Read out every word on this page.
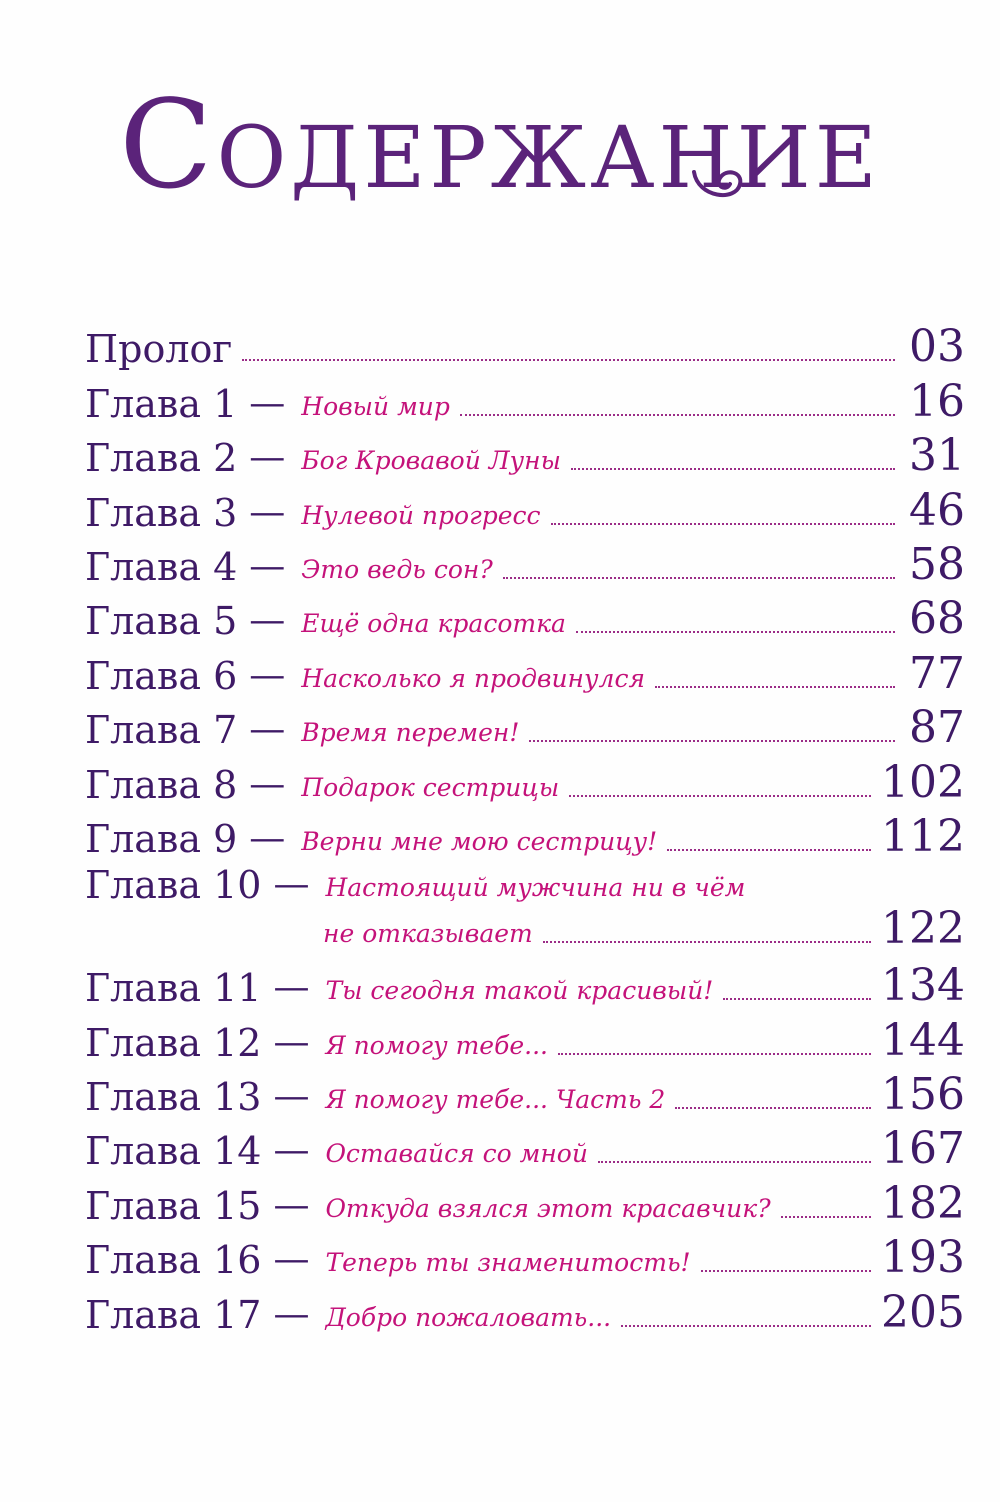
Содержание
Пролог	03
Глава 1 — Новый мир	16
Глава 2 — Бог Кровавой Луны	31
Глава 3 — Нулевой прогресс	46
Глава 4 — Это ведь сон?	58
Глава 5 — Ещё одна красотка	68
Глава 6 — Насколько я продвинулся	77
Глава 7 — Время перемен!	87
Глава 8 — Подарок сестрицы	102
Глава 9 — Верни мне мою сестрицу!	112
Глава 10 — Настоящий мужчина ни в чём
не отказывает	122
Глава 11 — Ты сегодня такой красивый!	134
Глава 12 — Я помогу тебе...	144
Глава 13 — Я помогу тебе... Часть 2	156
Глава 14 — Оставайся со мной	167
Глава 15 — Откуда взялся этот красавчик?	182
Глава 16 — Теперь ты знаменитость!	193
Глава 17 — Добро пожаловать...	205
